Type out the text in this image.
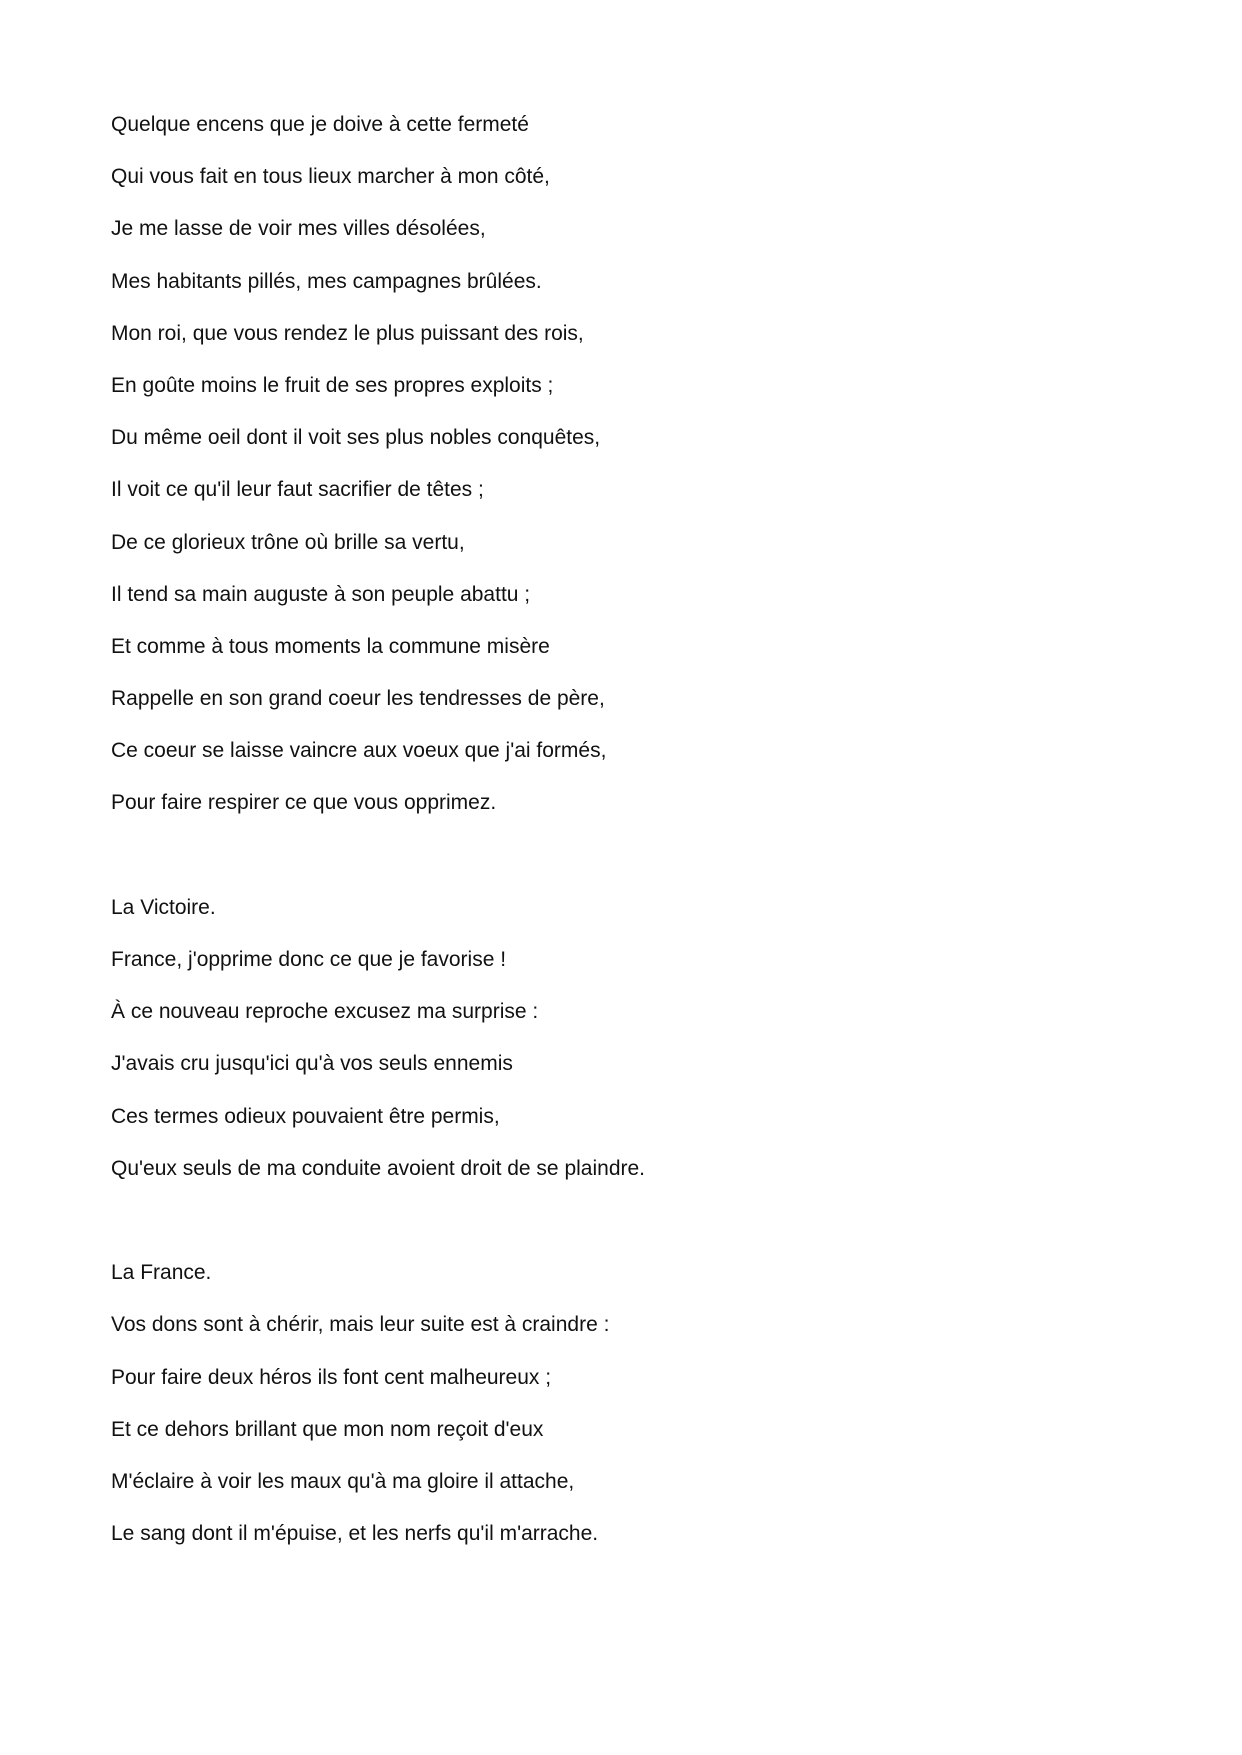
Quelque encens que je doive à cette fermeté

Qui vous fait en tous lieux marcher à mon côté,

Je me lasse de voir mes villes désolées,

Mes habitants pillés, mes campagnes brûlées.

Mon roi, que vous rendez le plus puissant des rois,

En goûte moins le fruit de ses propres exploits ;

Du même oeil dont il voit ses plus nobles conquêtes,

Il voit ce qu'il leur faut sacrifier de têtes ;

De ce glorieux trône où brille sa vertu,

Il tend sa main auguste à son peuple abattu ;

Et comme à tous moments la commune misère

Rappelle en son grand coeur les tendresses de père,

Ce coeur se laisse vaincre aux voeux que j'ai formés,

Pour faire respirer ce que vous opprimez.

La Victoire.

France, j'opprime donc ce que je favorise !

À ce nouveau reproche excusez ma surprise :

J'avais cru jusqu'ici qu'à vos seuls ennemis

Ces termes odieux pouvaient être permis,

Qu'eux seuls de ma conduite avoient droit de se plaindre.

La France.

Vos dons sont à chérir, mais leur suite est à craindre :

Pour faire deux héros ils font cent malheureux ;

Et ce dehors brillant que mon nom reçoit d'eux

M'éclaire à voir les maux qu'à ma gloire il attache,

Le sang dont il m'épuise, et les nerfs qu'il m'arrache.
